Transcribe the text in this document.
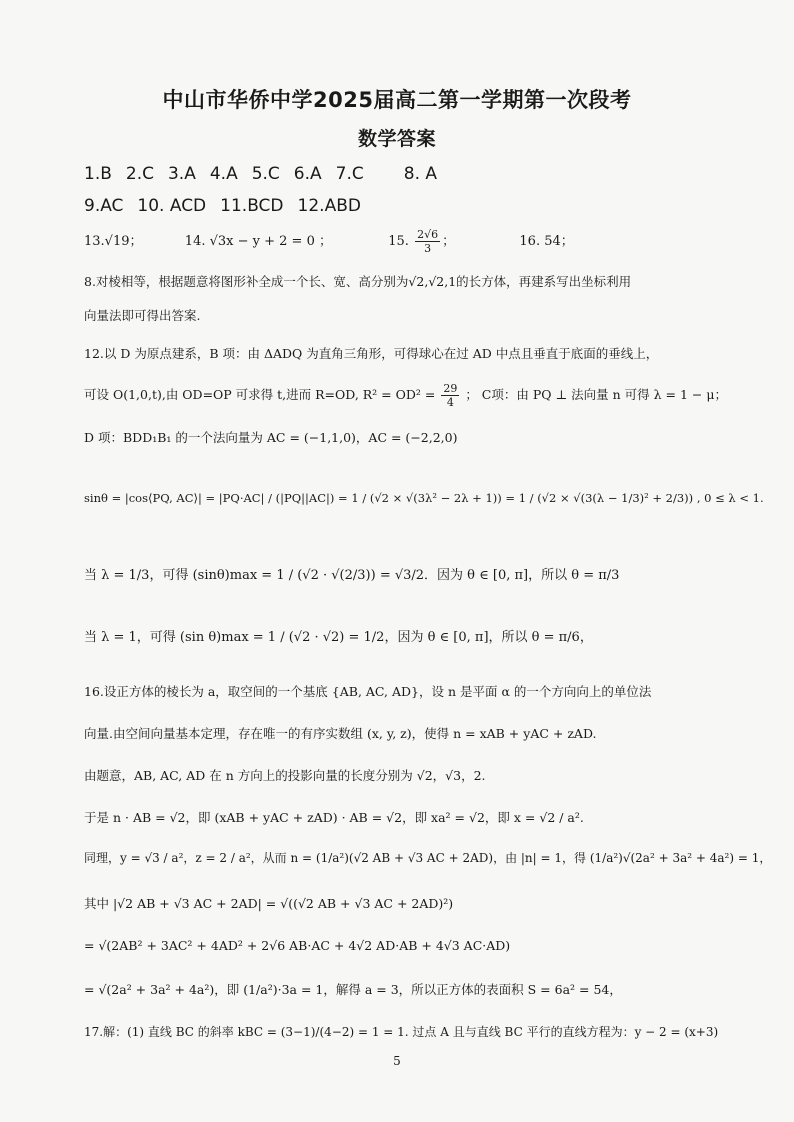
中山市华侨中学2025届高二第一学期第一次段考
数学答案
1.B 2.C 3.A 4.A 5.C 6.A 7.C 8. A
9.AC 10. ACD 11.BCD 12.ABD
13.√19；	14. √3x − y + 2 = 0 ；	15. $\frac{2√6}{3}$ ；	16. 54；
8.对棱相等，根据题意将图形补全成一个长、宽、高分别为√2,√2,1的长方体，再建系写出坐标利用
向量法即可得出答案.
12.以 D 为原点建系，B 项：由 ΔADQ 为直角三角形，可得球心在过 AD 中点且垂直于底面的垂线上，
可设 O(1,0,t),由 OD=OP 可求得 t,进而 R=OD, $R^2 = OD^2 = \frac{29}{4}$ ； C项：由 PQ ⊥ 法向量 n 可得 λ = 1 − μ；
D 项：BDD₁B₁ 的一个法向量为 AC = (−1,1,0)，AC = (−2,2,0)
sinθ = |cos⟨PQ, AC⟩| = |PQ·AC| / (|PQ||AC|) = 1 / (√2 × √(3λ² − 2λ + 1)) = 1 / (√2 × √(3(λ − 1/3)² + 2/3)) , 0 ≤ λ < 1.
当 λ = 1/3，可得 (sinθ)max = 1 / (√2 · √(2/3)) = √3/2．因为 θ ∈ [0, π]，所以 θ = π/3
当 λ = 1，可得 (sin θ)max = 1 / (√2 · √2) = 1/2，因为 θ ∈ [0, π]，所以 θ = π/6，
16.设正方体的棱长为 a，取空间的一个基底 {AB, AC, AD}，设 n 是平面 α 的一个方向向上的单位法
向量.由空间向量基本定理，存在唯一的有序实数组 (x, y, z)，使得 n = xAB + yAC + zAD.
由题意，AB, AC, AD 在 n 方向上的投影向量的长度分别为 √2，√3，2.
于是 n · AB = √2，即 (xAB + yAC + zAD) · AB = √2，即 xa² = √2，即 x = √2 / a².
同理，y = √3 / a²，z = 2 / a²，从而 n = (1/a²)(√2 AB + √3 AC + 2AD)，由 |n| = 1，得 (1/a²)√(2a² + 3a² + 4a²) = 1，
其中 |√2 AB + √3 AC + 2AD| = √((√2 AB + √3 AC + 2AD)²)
= √(2AB² + 3AC² + 4AD² + 2√6 AB·AC + 4√2 AD·AB + 4√3 AC·AD)
= √(2a² + 3a² + 4a²)，即 (1/a²)·3a = 1，解得 a = 3，所以正方体的表面积 S = 6a² = 54，
17.解：(1) 直线 BC 的斜率 kBC = (3−1)/(4−2) = 1 = 1. 过点 A 且与直线 BC 平行的直线方程为：y − 2 = (x+3)
5
